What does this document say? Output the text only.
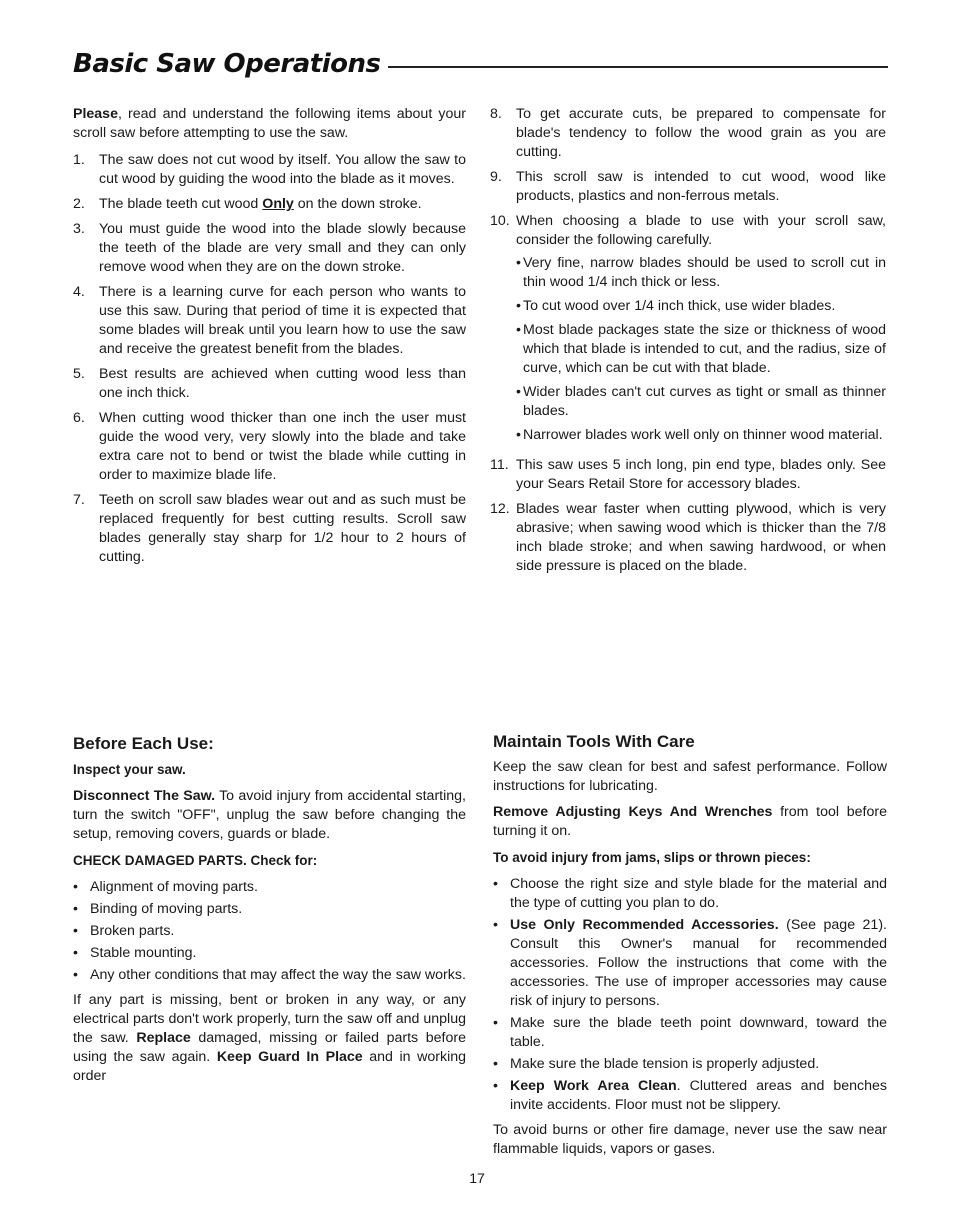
Basic Saw Operations

Please, read and understand the following items about your scroll saw before attempting to use the saw.

1. The saw does not cut wood by itself. You allow the saw to cut wood by guiding the wood into the blade as it moves.
2. The blade teeth cut wood Only on the down stroke.
3. You must guide the wood into the blade slowly because the teeth of the blade are very small and they can only remove wood when they are on the down stroke.
4. There is a learning curve for each person who wants to use this saw. During that period of time it is expected that some blades will break until you learn how to use the saw and receive the greatest benefit from the blades.
5. Best results are achieved when cutting wood less than one inch thick.
6. When cutting wood thicker than one inch the user must guide the wood very, very slowly into the blade and take extra care not to bend or twist the blade while cutting in order to maximize blade life.
7. Teeth on scroll saw blades wear out and as such must be replaced frequently for best cutting results. Scroll saw blades generally stay sharp for 1/2 hour to 2 hours of cutting.
8. To get accurate cuts, be prepared to compensate for blade's tendency to follow the wood grain as you are cutting.
9. This scroll saw is intended to cut wood, wood like products, plastics and non-ferrous metals.
10. When choosing a blade to use with your scroll saw, consider the following carefully.
• Very fine, narrow blades should be used to scroll cut in thin wood 1/4 inch thick or less.
• To cut wood over 1/4 inch thick, use wider blades.
• Most blade packages state the size or thickness of wood which that blade is intended to cut, and the radius, size of curve, which can be cut with that blade.
• Wider blades can't cut curves as tight or small as thinner blades.
• Narrower blades work well only on thinner wood material.
11. This saw uses 5 inch long, pin end type, blades only. See your Sears Retail Store for accessory blades.
12. Blades wear faster when cutting plywood, which is very abrasive; when sawing wood which is thicker than the 7/8 inch blade stroke; and when sawing hardwood, or when side pressure is placed on the blade.
Before Each Use:
Inspect your saw.

Disconnect The Saw. To avoid injury from accidental starting, turn the switch "OFF", unplug the saw before changing the setup, removing covers, guards or blade.

CHECK DAMAGED PARTS. Check for:
• Alignment of moving parts.
• Binding of moving parts.
• Broken parts.
• Stable mounting.
• Any other conditions that may affect the way the saw works.

If any part is missing, bent or broken in any way, or any electrical parts don't work properly, turn the saw off and unplug the saw. Replace damaged, missing or failed parts before using the saw again. Keep Guard In Place and in working order

Maintain Tools With Care

Keep the saw clean for best and safest performance. Follow instructions for lubricating.

Remove Adjusting Keys And Wrenches from tool before turning it on.

To avoid injury from jams, slips or thrown pieces:
• Choose the right size and style blade for the material and the type of cutting you plan to do.
• Use Only Recommended Accessories. (See page 21). Consult this Owner's manual for recommended accessories. Follow the instructions that come with the accessories. The use of improper accessories may cause risk of injury to persons.
• Make sure the blade teeth point downward, toward the table.
• Make sure the blade tension is properly adjusted.
• Keep Work Area Clean. Cluttered areas and benches invite accidents. Floor must not be slippery.

To avoid burns or other fire damage, never use the saw near flammable liquids, vapors or gases.

17
